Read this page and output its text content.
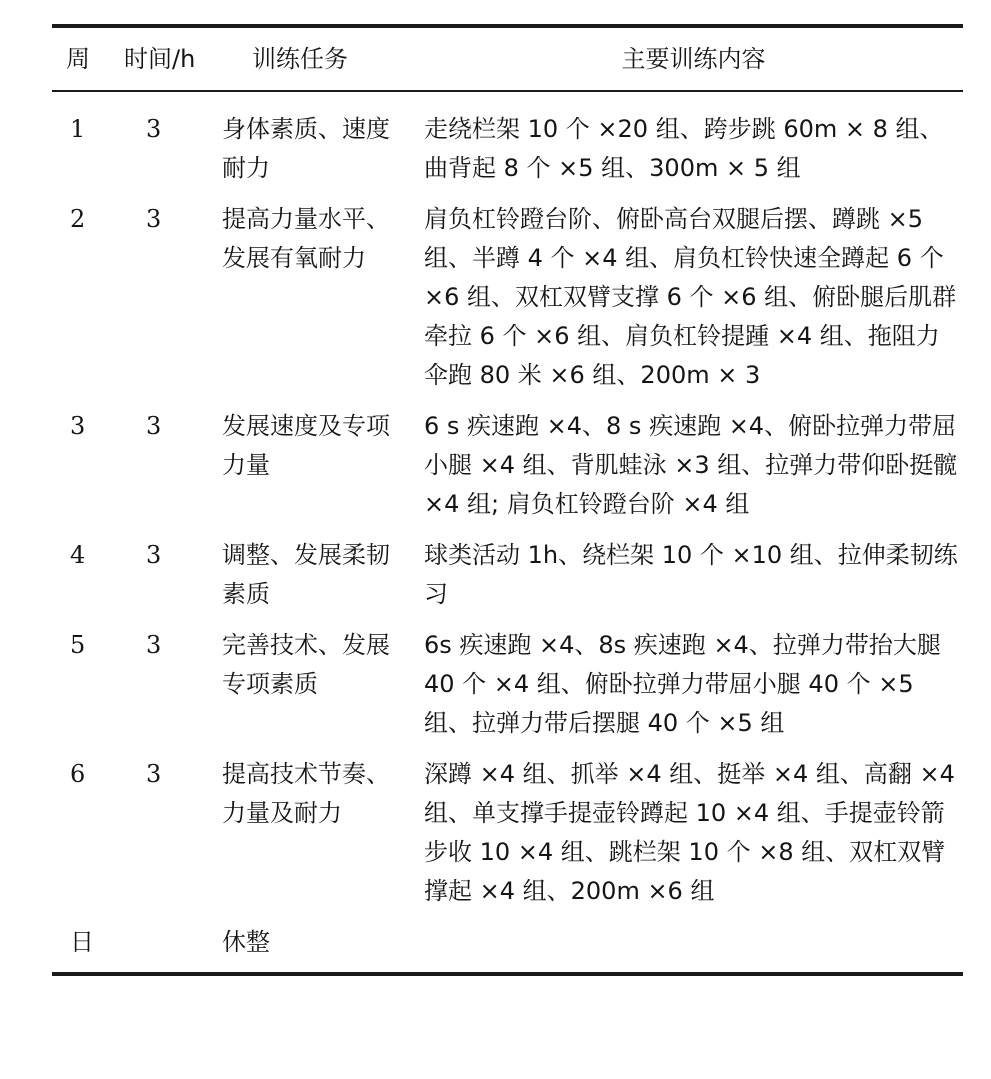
周	时间/h	训练任务	主要训练内容
1	3	身体素质、速度耐力	走绕栏架 10 个 ×20 组、跨步跳 60m × 8 组、曲背起 8 个 ×5 组、300m × 5 组
2	3	提高力量水平、发展有氧耐力	肩负杠铃蹬台阶、俯卧高台双腿后摆、蹲跳 ×5 组、半蹲 4 个 ×4 组、肩负杠铃快速全蹲起 6 个 ×6 组、双杠双臂支撑 6 个 ×6 组、俯卧腿后肌群牵拉 6 个 ×6 组、肩负杠铃提踵 ×4 组、拖阻力伞跑 80 米 ×6 组、200m × 3
3	3	发展速度及专项力量	6 s 疾速跑 ×4、8 s 疾速跑 ×4、俯卧拉弹力带屈小腿 ×4 组、背肌蛙泳 ×3 组、拉弹力带仰卧挺髋 ×4 组; 肩负杠铃蹬台阶 ×4 组
4	3	调整、发展柔韧素质	球类活动 1h、绕栏架 10 个 ×10 组、拉伸柔韧练习
5	3	完善技术、发展专项素质	6s 疾速跑 ×4、8s 疾速跑 ×4、拉弹力带抬大腿 40 个 ×4 组、俯卧拉弹力带屈小腿 40 个 ×5 组、拉弹力带后摆腿 40 个 ×5 组
6	3	提高技术节奏、力量及耐力	深蹲 ×4 组、抓举 ×4 组、挺举 ×4 组、高翻 ×4 组、单支撑手提壶铃蹲起 10 ×4 组、手提壶铃箭步收 10 ×4 组、跳栏架 10 个 ×8 组、双杠双臂撑起 ×4 组、200m ×6 组
日		休整	
